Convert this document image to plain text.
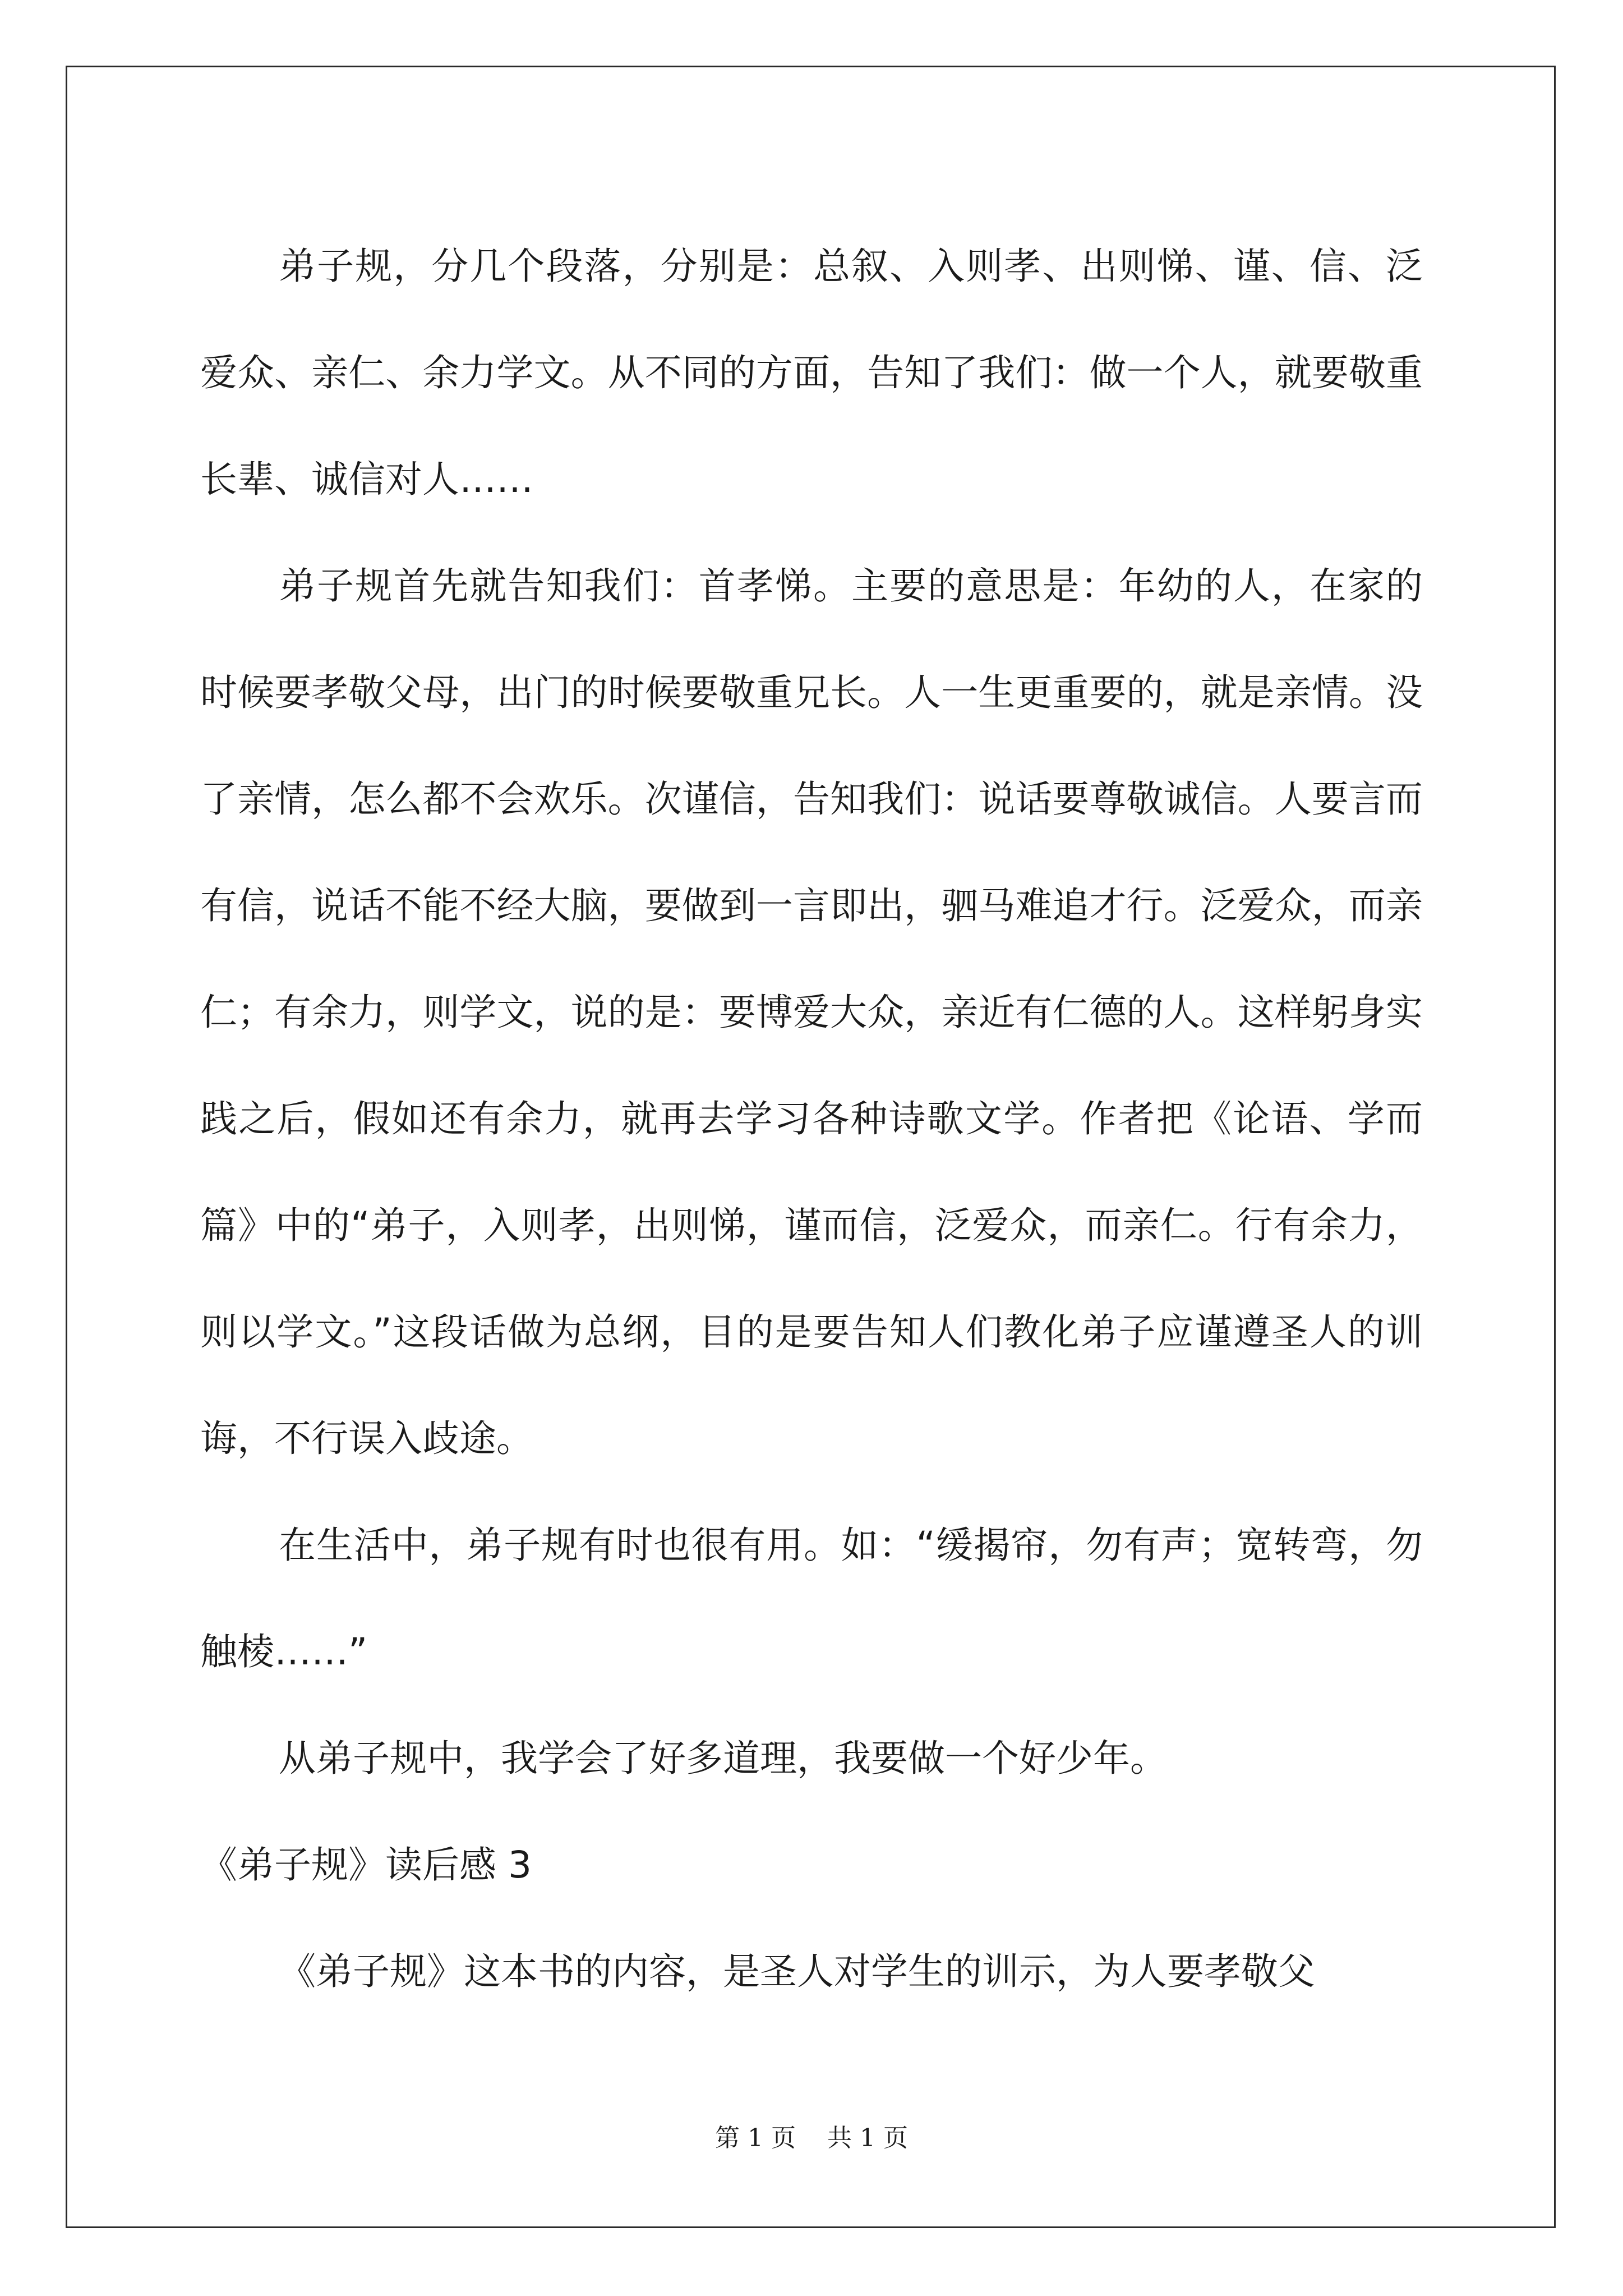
弟子规，分几个段落，分别是：总叙、入则孝、出则悌、谨、信、泛爱众、亲仁、余力学文。从不同的方面，告知了我们：做一个人，就要敬重长辈、诚信对人……

弟子规首先就告知我们：首孝悌。主要的意思是：年幼的人，在家的时候要孝敬父母，出门的时候要敬重兄长。人一生更重要的，就是亲情。没了亲情，怎么都不会欢乐。次谨信，告知我们：说话要尊敬诚信。人要言而有信，说话不能不经大脑，要做到一言即出，驷马难追才行。泛爱众，而亲仁；有余力，则学文，说的是：要博爱大众，亲近有仁德的人。这样躬身实践之后，假如还有余力，就再去学习各种诗歌文学。作者把《论语、学而篇》中的“弟子，入则孝，出则悌，谨而信，泛爱众，而亲仁。行有余力，则以学文。”这段话做为总纲，目的是要告知人们教化弟子应谨遵圣人的训诲，不行误入歧途。

在生活中，弟子规有时也很有用。如：“缓揭帘，勿有声；宽转弯，勿触棱……”

从弟子规中，我学会了好多道理，我要做一个好少年。

《弟子规》读后感 3

《弟子规》这本书的内容，是圣人对学生的训示，为人要孝敬父

第 1 页 共 1 页
